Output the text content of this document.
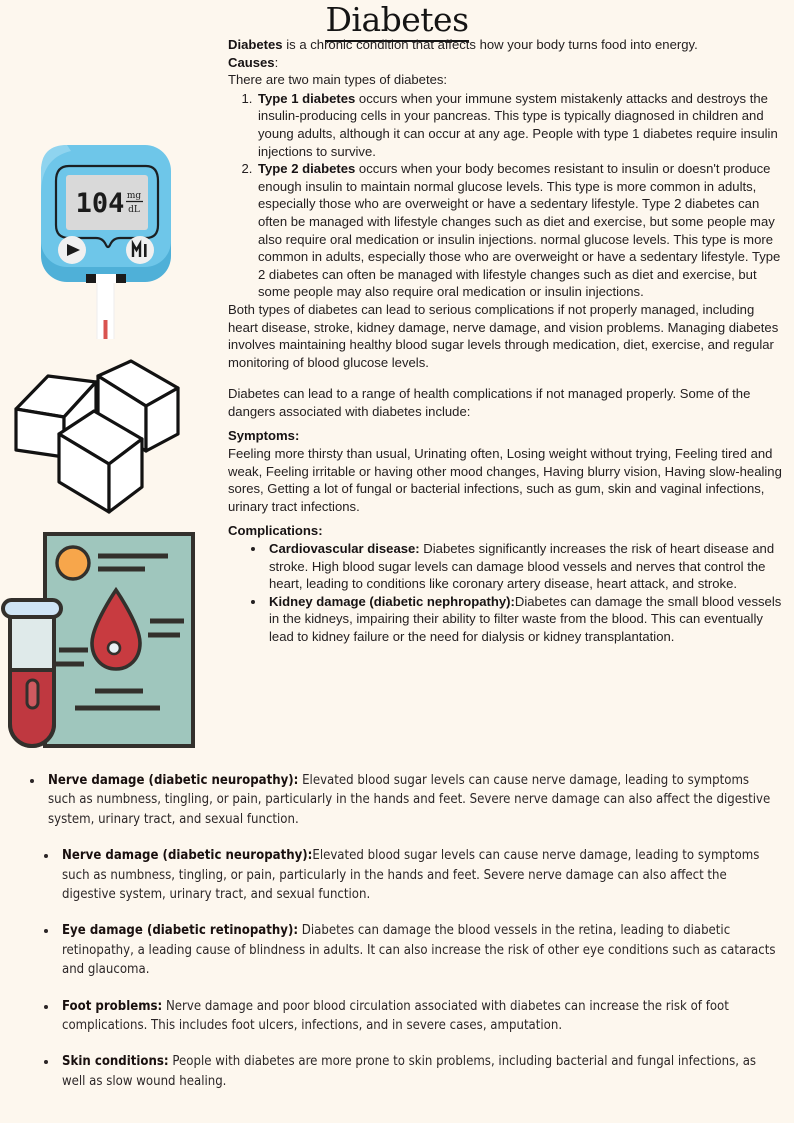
Diabetes
104 mg
dL

Diabetes is a chronic condition that affects how your body turns food into energy.

Causes:

There are two main types of diabetes:

1. Type 1 diabetes occurs when your immune system mistakenly attacks and destroys the insulin-producing cells in your pancreas. This type is typically diagnosed in children and young adults, although it can occur at any age. People with type 1 diabetes require insulin injections to survive.
2. Type 2 diabetes occurs when your body becomes resistant to insulin or doesn't produce enough insulin to maintain normal glucose levels. This type is more common in adults, especially those who are overweight or have a sedentary lifestyle. Type 2 diabetes can often be managed with lifestyle changes such as diet and exercise, but some people may also require oral medication or insulin injections. normal glucose levels. This type is more common in adults, especially those who are overweight or have a sedentary lifestyle. Type 2 diabetes can often be managed with lifestyle changes such as diet and exercise, but some people may also require oral medication or insulin injections.

Both types of diabetes can lead to serious complications if not properly managed, including heart disease, stroke, kidney damage, nerve damage, and vision problems. Managing diabetes involves maintaining healthy blood sugar levels through medication, diet, exercise, and regular monitoring of blood glucose levels.

Diabetes can lead to a range of health complications if not managed properly. Some of the dangers associated with diabetes include:

Symptoms:

Feeling more thirsty than usual, Urinating often, Losing weight without trying, Feeling tired and weak, Feeling irritable or having other mood changes, Having blurry vision, Having slow-healing sores, Getting a lot of fungal or bacterial infections, such as gum, skin and vaginal infections, urinary tract infections.

Complications:

• Cardiovascular disease: Diabetes significantly increases the risk of heart disease and stroke. High blood sugar levels can damage blood vessels and nerves that control the heart, leading to conditions like coronary artery disease, heart attack, and stroke.
• Kidney damage (diabetic nephropathy):Diabetes can damage the small blood vessels in the kidneys, impairing their ability to filter waste from the blood. This can eventually lead to kidney failure or the need for dialysis or kidney transplantation.
• Nerve damage (diabetic neuropathy): Elevated blood sugar levels can cause nerve damage, leading to symptoms such as numbness, tingling, or pain, particularly in the hands and feet. Severe nerve damage can also affect the digestive system, urinary tract, and sexual function.
• Nerve damage (diabetic neuropathy):Elevated blood sugar levels can cause nerve damage, leading to symptoms such as numbness, tingling, or pain, particularly in the hands and feet. Severe nerve damage can also affect the digestive system, urinary tract, and sexual function.
• Eye damage (diabetic retinopathy): Diabetes can damage the blood vessels in the retina, leading to diabetic retinopathy, a leading cause of blindness in adults. It can also increase the risk of other eye conditions such as cataracts and glaucoma.
• Foot problems: Nerve damage and poor blood circulation associated with diabetes can increase the risk of foot complications. This includes foot ulcers, infections, and in severe cases, amputation.
• Skin conditions: People with diabetes are more prone to skin problems, including bacterial and fungal infections, as well as slow wound healing.
